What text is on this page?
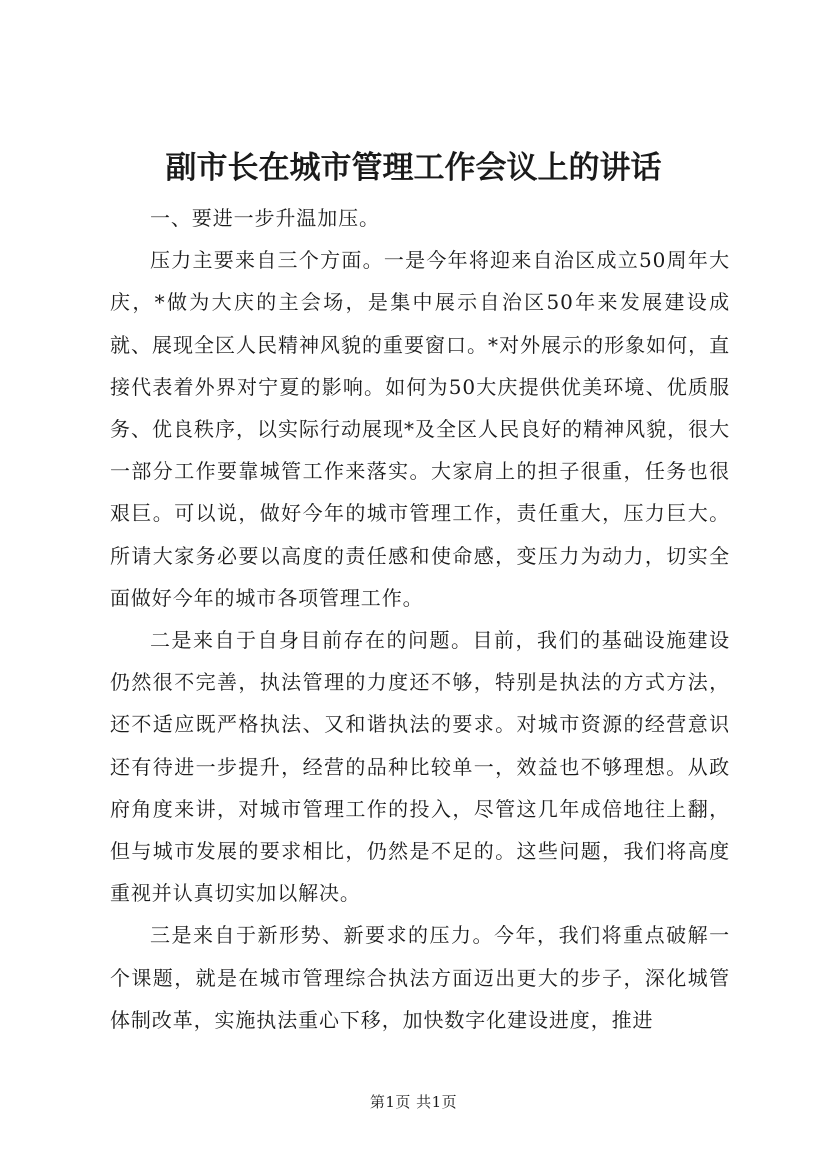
副市长在城市管理工作会议上的讲话

一、要进一步升温加压。

压力主要来自三个方面。一是今年将迎来自治区成立50周年大庆，*做为大庆的主会场，是集中展示自治区50年来发展建设成就、展现全区人民精神风貌的重要窗口。*对外展示的形象如何，直接代表着外界对宁夏的影响。如何为50大庆提供优美环境、优质服务、优良秩序，以实际行动展现*及全区人民良好的精神风貌，很大一部分工作要靠城管工作来落实。大家肩上的担子很重，任务也很艰巨。可以说，做好今年的城市管理工作，责任重大，压力巨大。所请大家务必要以高度的责任感和使命感，变压力为动力，切实全面做好今年的城市各项管理工作。

二是来自于自身目前存在的问题。目前，我们的基础设施建设仍然很不完善，执法管理的力度还不够，特别是执法的方式方法，还不适应既严格执法、又和谐执法的要求。对城市资源的经营意识还有待进一步提升，经营的品种比较单一，效益也不够理想。从政府角度来讲，对城市管理工作的投入，尽管这几年成倍地往上翻，但与城市发展的要求相比，仍然是不足的。这些问题，我们将高度重视并认真切实加以解决。

三是来自于新形势、新要求的压力。今年，我们将重点破解一个课题，就是在城市管理综合执法方面迈出更大的步子，深化城管体制改革，实施执法重心下移，加快数字化建设进度，推进

第1页 共1页
